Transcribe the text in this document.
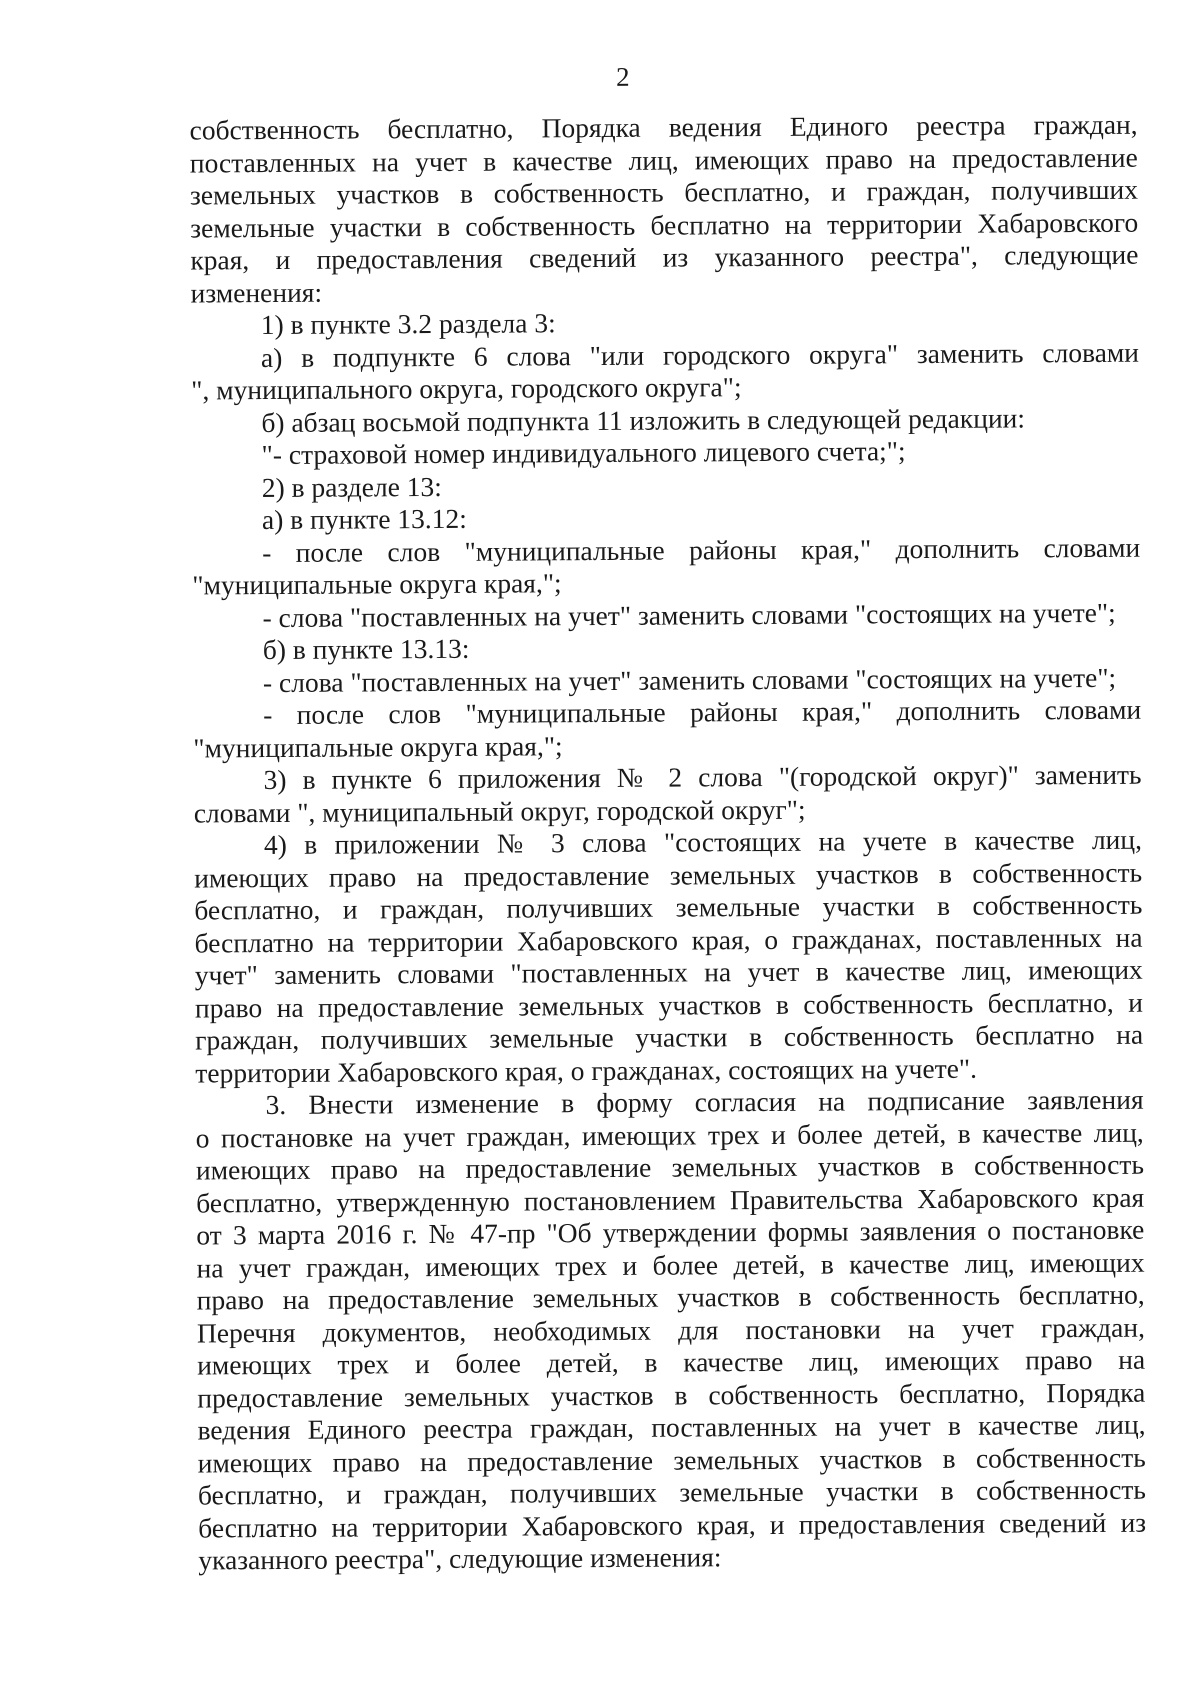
2
собственность бесплатно, Порядка ведения Единого реестра граждан,
поставленных на учет в качестве лиц, имеющих право на предоставление
земельных участков в собственность бесплатно, и граждан, получивших
земельные участки в собственность бесплатно на территории Хабаровского
края, и предоставления сведений из указанного реестра", следующие
изменения:
1) в пункте 3.2 раздела 3:
а) в подпункте 6 слова "или городского округа" заменить словами
", муниципального округа, городского округа";
б) абзац восьмой подпункта 11 изложить в следующей редакции:
"- страховой номер индивидуального лицевого счета;";
2) в разделе 13:
а) в пункте 13.12:
- после слов "муниципальные районы края," дополнить словами
"муниципальные округа края,";
- слова "поставленных на учет" заменить словами "состоящих на учете";
б) в пункте 13.13:
- слова "поставленных на учет" заменить словами "состоящих на учете";
- после слов "муниципальные районы края," дополнить словами
"муниципальные округа края,";
3) в пункте 6 приложения № 2 слова "(городской округ)" заменить
словами ", муниципальный округ, городской округ";
4) в приложении № 3 слова "состоящих на учете в качестве лиц,
имеющих право на предоставление земельных участков в собственность
бесплатно, и граждан, получивших земельные участки в собственность
бесплатно на территории Хабаровского края, о гражданах, поставленных на
учет" заменить словами "поставленных на учет в качестве лиц, имеющих
право на предоставление земельных участков в собственность бесплатно, и
граждан, получивших земельные участки в собственность бесплатно на
территории Хабаровского края, о гражданах, состоящих на учете".
3. Внести изменение в форму согласия на подписание заявления
о постановке на учет граждан, имеющих трех и более детей, в качестве лиц,
имеющих право на предоставление земельных участков в собственность
бесплатно, утвержденную постановлением Правительства Хабаровского края
от 3 марта 2016 г. № 47-пр "Об утверждении формы заявления о постановке
на учет граждан, имеющих трех и более детей, в качестве лиц, имеющих
право на предоставление земельных участков в собственность бесплатно,
Перечня документов, необходимых для постановки на учет граждан,
имеющих трех и более детей, в качестве лиц, имеющих право на
предоставление земельных участков в собственность бесплатно, Порядка
ведения Единого реестра граждан, поставленных на учет в качестве лиц,
имеющих право на предоставление земельных участков в собственность
бесплатно, и граждан, получивших земельные участки в собственность
бесплатно на территории Хабаровского края, и предоставления сведений из
указанного реестра", следующие изменения:
